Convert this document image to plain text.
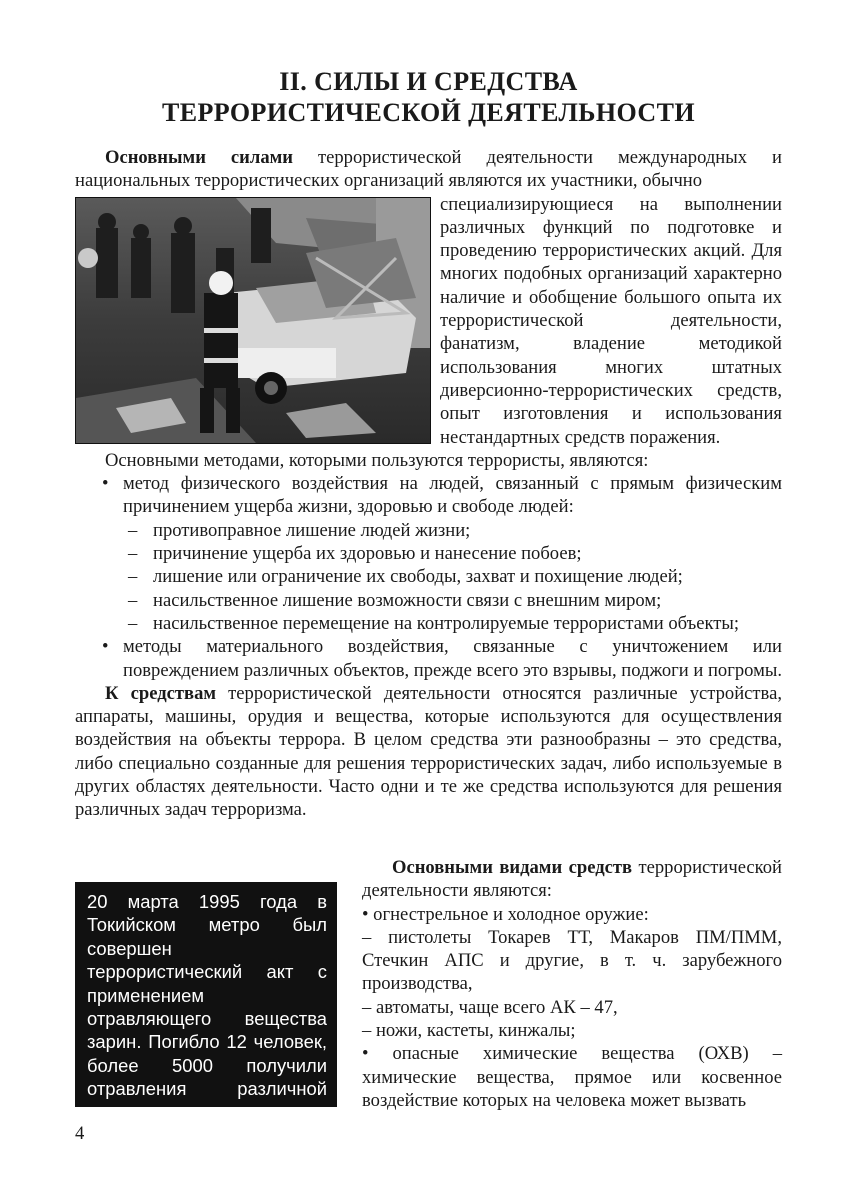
II. СИЛЫ И СРЕДСТВА
ТЕРРОРИСТИЧЕСКОЙ ДЕЯТЕЛЬНОСТИ

Основными силами террористической деятельности международных и национальных террористических организаций являются их участники, обычно

специализирующиеся на выполнении различных функций по подготовке и проведению террористических акций. Для многих подобных организаций характерно наличие и обобщение большого опыта их террористической деятельности, фанатизм, владение методикой использования многих штатных диверсионно-террористических средств, опыт изготовления и использования нестандартных средств поражения.

Основными методами, которыми пользуются террористы, являются:

• метод физического воздействия на людей, связанный с прямым физическим причинением ущерба жизни, здоровью и свободе людей:
– противоправное лишение людей жизни;
– причинение ущерба их здоровью и нанесение побоев;
– лишение или ограничение их свободы, захват и похищение людей;
– насильственное лишение возможности связи с внешним миром;
– насильственное перемещение на контролируемые террористами объекты;
• методы материального воздействия, связанные с уничтожением или повреждением различных объектов, прежде всего это взрывы, поджоги и погромы.

К средствам террористической деятельности относятся различные устройства, аппараты, машины, орудия и вещества, которые используются для осуществления воздействия на объекты террора. В целом средства эти разнообразны – это средства, либо специально созданные для решения террористических задач, либо используемые в других областях деятельности. Часто одни и те же средства используются для решения различных задач терроризма.

20 марта 1995 года в Токийском метро был совершен террористический акт с применением отравляющего вещества зарин. Погибло 12 человек, более 5000 получили отравления различной степени тяжести.

Основными видами средств террористической деятельности являются:

• огнестрельное и холодное оружие:

– пистолеты Токарев ТТ, Макаров ПМ/ПММ, Стечкин АПС и другие, в т. ч. зарубежного производства,

– автоматы, чаще всего АК – 47,

– ножи, кастеты, кинжалы;

• опасные химические вещества (ОХВ) – химические вещества, прямое или косвенное воздействие которых на человека может вызвать

4
